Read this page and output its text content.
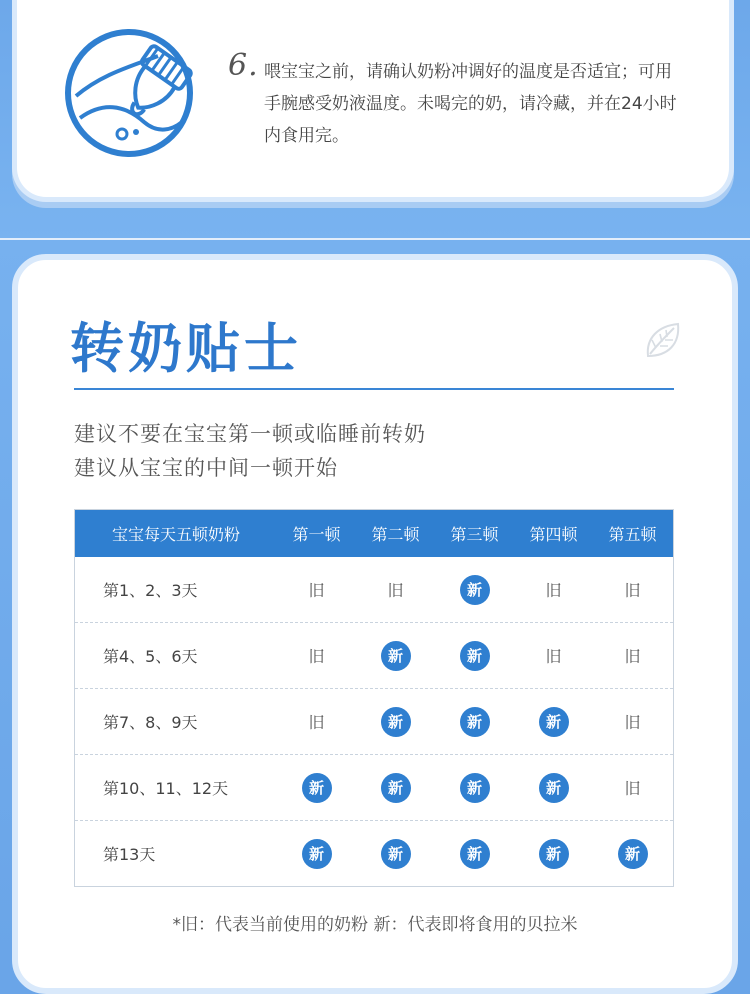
6. 喂宝宝之前，请确认奶粉冲调好的温度是否适宜；可用手腕感受奶液温度。未喝完的奶，请冷藏，并在24小时内食用完。
转奶贴士
建议不要在宝宝第一顿或临睡前转奶
建议从宝宝的中间一顿开始
宝宝每天五顿奶粉	第一顿	第二顿	第三顿	第四顿	第五顿
第1、2、3天	旧	旧	新	旧	旧
第4、5、6天	旧	新	新	旧	旧
第7、8、9天	旧	新	新	新	旧
第10、11、12天	新	新	新	新	旧
第13天	新	新	新	新	新
*旧：代表当前使用的奶粉 新：代表即将食用的贝拉米
